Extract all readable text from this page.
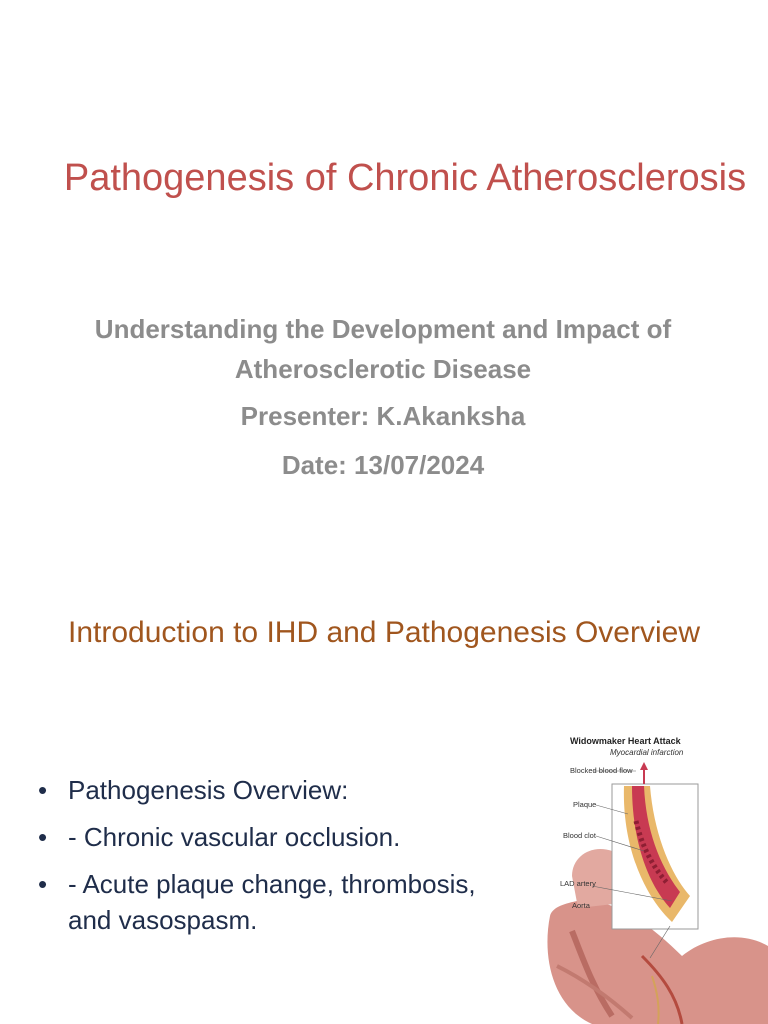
Pathogenesis of Chronic Atherosclerosis
Understanding the Development and Impact of Atherosclerotic Disease
Presenter: K.Akanksha
Date: 13/07/2024
Introduction to IHD and Pathogenesis Overview
• Pathogenesis Overview:
• - Chronic vascular occlusion.
• - Acute plaque change, thrombosis, and vasospasm.
Widowmaker Heart Attack
Myocardial infarction
Blocked blood flow
Plaque
Blood clot
LAD artery
Aorta
